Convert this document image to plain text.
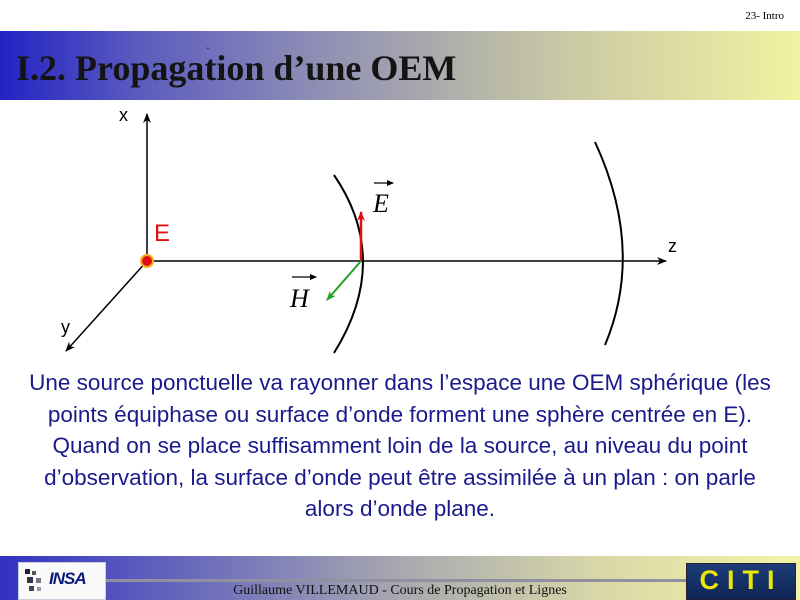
23- Intro
.
I.2. Propagation d’une OEM
x
z
y
E
E
H

Une source ponctuelle va rayonner dans l’espace une OEM sphérique (les points équiphase ou surface d’onde forment une sphère centrée en E).

Quand on se place suffisamment loin de la source, au niveau du point d’observation, la surface d’onde peut être assimilée à un plan : on parle alors d’onde plane.

Guillaume VILLEMAUD - Cours de Propagation et Lignes
INSA	CITI
